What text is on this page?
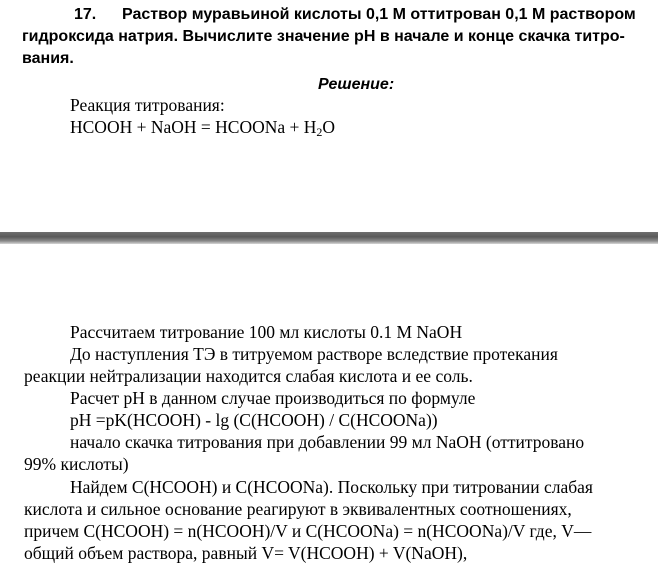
17. Раствор муравьиной кислоты 0,1 М оттитрован 0,1 М раствором
гидроксида натрия. Вычислите значение рН в начале и конце скачка титро-
вания.
Решение:
Реакция титрования:
НСООН + NaOH = HCOONa + $H_2O$
Рассчитаем титрование 100 мл кислоты 0.1 М NaOH
До наступления ТЭ в титруемом растворе вследствие протекания
реакции нейтрализации находится слабая кислота и ее соль.
Расчет рН в данном случае производиться по формуле
pH =pK(HCOOH) - lg (C(HCOOH) / C(HCOONa))
начало скачка титрования при добавлении 99 мл NaOH (оттитровано
99% кислоты)
Найдем C(HCOOH) и C(HCOONa). Поскольку при титровании слабая
кислота и сильное основание реагируют в эквивалентных соотношениях,
причем C(HCOOH) = n(HCOOH)/V и C(HCOONa) = n(HCOONa)/V где, V—
общий объем раствора, равный V= V(HCOOH) + V(NaOH),
